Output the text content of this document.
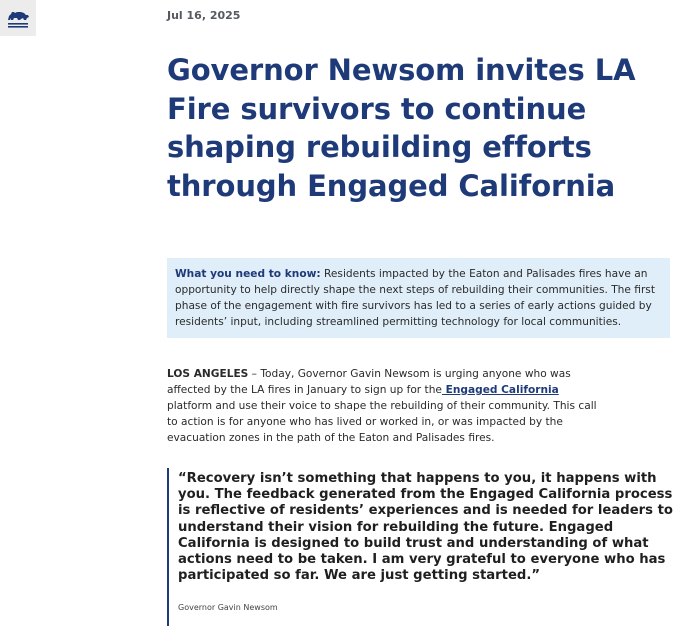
Jul 16, 2025
Governor Newsom invites LA Fire survivors to continue shaping rebuilding efforts through Engaged California
What you need to know: Residents impacted by the Eaton and Palisades fires have an opportunity to help directly shape the next steps of rebuilding their communities. The first phase of the engagement with fire survivors has led to a series of early actions guided by residents’ input, including streamlined permitting technology for local communities.

LOS ANGELES – Today, Governor Gavin Newsom is urging anyone who was affected by the LA fires in January to sign up for the Engaged California platform and use their voice to shape the rebuilding of their community. This call to action is for anyone who has lived or worked in, or was impacted by the evacuation zones in the path of the Eaton and Palisades fires.

“Recovery isn’t something that happens to you, it happens with you. The feedback generated from the Engaged California process is reflective of residents’ experiences and is needed for leaders to understand their vision for rebuilding the future. Engaged California is designed to build trust and understanding of what actions need to be taken. I am very grateful to everyone who has participated so far. We are just getting started.”

Governor Gavin Newsom
